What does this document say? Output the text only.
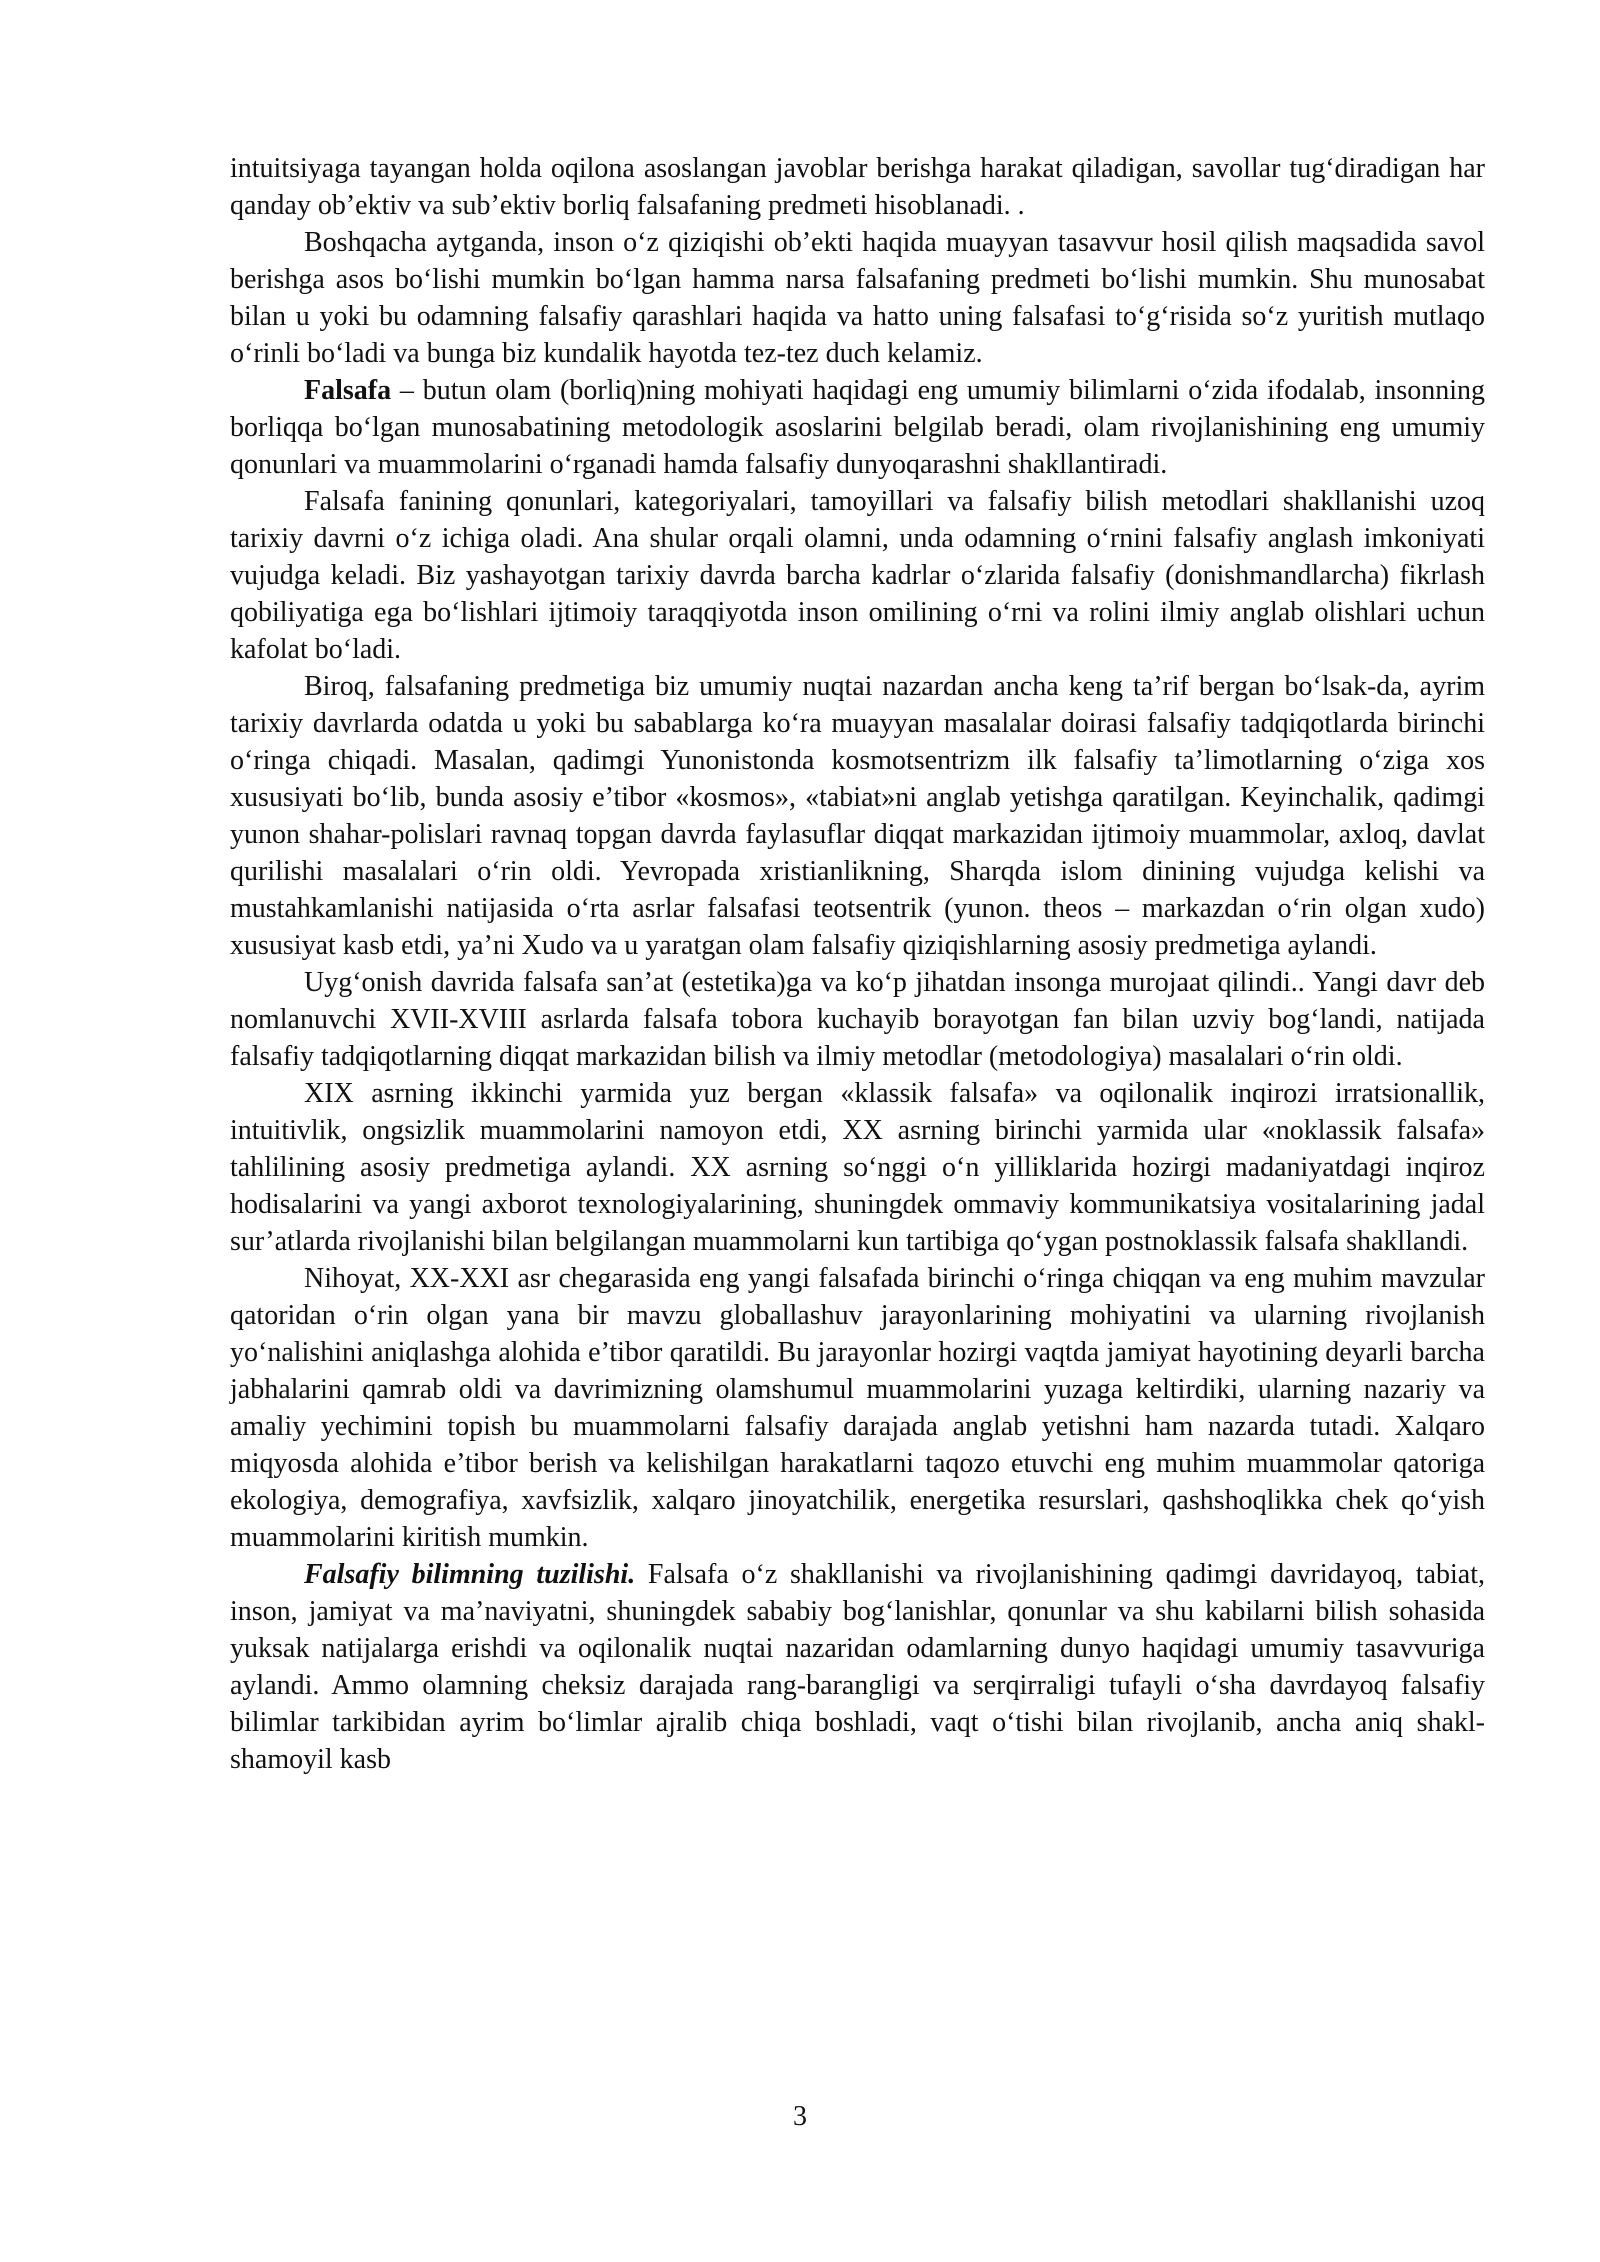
intuitsiyaga tayangan holda oqilona asoslangan javoblar berishga harakat qiladigan, savollar tug‘diradigan har qanday ob’ektiv va sub’ektiv borliq falsafaning predmeti hisoblanadi. .

Boshqacha aytganda, inson o‘z qiziqishi ob’ekti haqida muayyan tasavvur hosil qilish maqsadida savol berishga asos bo‘lishi mumkin bo‘lgan hamma narsa falsafaning predmeti bo‘lishi mumkin. Shu munosabat bilan u yoki bu odamning falsafiy qarashlari haqida va hatto uning falsafasi to‘g‘risida so‘z yuritish mutlaqo o‘rinli bo‘ladi va bunga biz kundalik hayotda tez-tez duch kelamiz.

Falsafa – butun olam (borliq)ning mohiyati haqidagi eng umumiy bilimlarni o‘zida ifodalab, insonning borliqqa bo‘lgan munosabatining metodologik asoslarini belgilab beradi, olam rivojlanishining eng umumiy qonunlari va muammolarini o‘rganadi hamda falsafiy dunyoqarashni shakllantiradi.

Falsafa fanining qonunlari, kategoriyalari, tamoyillari va falsafiy bilish metodlari shakllanishi uzoq tarixiy davrni o‘z ichiga oladi. Ana shular orqali olamni, unda odamning o‘rnini falsafiy anglash imkoniyati vujudga keladi. Biz yashayotgan tarixiy davrda barcha kadrlar o‘zlarida falsafiy (donishmandlarcha) fikrlash qobiliyatiga ega bo‘lishlari ijtimoiy taraqqiyotda inson omilining o‘rni va rolini ilmiy anglab olishlari uchun kafolat bo‘ladi.

Biroq, falsafaning predmetiga biz umumiy nuqtai nazardan ancha keng ta’rif bergan bo‘lsak-da, ayrim tarixiy davrlarda odatda u yoki bu sabablarga ko‘ra muayyan masalalar doirasi falsafiy tadqiqotlarda birinchi o‘ringa chiqadi. Masalan, qadimgi Yunonistonda kosmotsentrizm ilk falsafiy ta’limotlarning o‘ziga xos xususiyati bo‘lib, bunda asosiy e’tibor «kosmos», «tabiat»ni anglab yetishga qaratilgan. Keyinchalik, qadimgi yunon shahar-polislari ravnaq topgan davrda faylasuflar diqqat markazidan ijtimoiy muammolar, axloq, davlat qurilishi masalalari o‘rin oldi. Yevropada xristianlikning, Sharqda islom dinining vujudga kelishi va mustahkamlanishi natijasida o‘rta asrlar falsafasi teotsentrik (yunon. theos – markazdan o‘rin olgan xudo) xususiyat kasb etdi, ya’ni Xudo va u yaratgan olam falsafiy qiziqishlarning asosiy predmetiga aylandi.

Uyg‘onish davrida falsafa san’at (estetika)ga va ko‘p jihatdan insonga murojaat qilindi.. Yangi davr deb nomlanuvchi XVII-XVIII asrlarda falsafa tobora kuchayib borayotgan fan bilan uzviy bog‘landi, natijada falsafiy tadqiqotlarning diqqat markazidan bilish va ilmiy metodlar (metodologiya) masalalari o‘rin oldi.

XIX asrning ikkinchi yarmida yuz bergan «klassik falsafa» va oqilonalik inqirozi irratsionallik, intuitivlik, ongsizlik muammolarini namoyon etdi, XX asrning birinchi yarmida ular «noklassik falsafa» tahlilining asosiy predmetiga aylandi. XX asrning so‘nggi o‘n yilliklarida hozirgi madaniyatdagi inqiroz hodisalarini va yangi axborot texnologiyalarining, shuningdek ommaviy kommunikatsiya vositalarining jadal sur’atlarda rivojlanishi bilan belgilangan muammolarni kun tartibiga qo‘ygan postnoklassik falsafa shakllandi.

Nihoyat, XX-XXI asr chegarasida eng yangi falsafada birinchi o‘ringa chiqqan va eng muhim mavzular qatoridan o‘rin olgan yana bir mavzu globallashuv jarayonlarining mohiyatini va ularning rivojlanish yo‘nalishini aniqlashga alohida e’tibor qaratildi. Bu jarayonlar hozirgi vaqtda jamiyat hayotining deyarli barcha jabhalarini qamrab oldi va davrimizning olamshumul muammolarini yuzaga keltirdiki, ularning nazariy va amaliy yechimini topish bu muammolarni falsafiy darajada anglab yetishni ham nazarda tutadi. Xalqaro miqyosda alohida e’tibor berish va kelishilgan harakatlarni taqozo etuvchi eng muhim muammolar qatoriga ekologiya, demografiya, xavfsizlik, xalqaro jinoyatchilik, energetika resurslari, qashshoqlikka chek qo‘yish muammolarini kiritish mumkin.

Falsafiy bilimning tuzilishi. Falsafa o‘z shakllanishi va rivojlanishining qadimgi davridayoq, tabiat, inson, jamiyat va ma’naviyatni, shuningdek sababiy bog‘lanishlar, qonunlar va shu kabilarni bilish sohasida yuksak natijalarga erishdi va oqilonalik nuqtai nazaridan odamlarning dunyo haqidagi umumiy tasavvuriga aylandi. Ammo olamning cheksiz darajada rang-barangligi va serqirraligi tufayli o‘sha davrdayoq falsafiy bilimlar tarkibidan ayrim bo‘limlar ajralib chiqa boshladi, vaqt o‘tishi bilan rivojlanib, ancha aniq shakl-shamoyil kasb

3
